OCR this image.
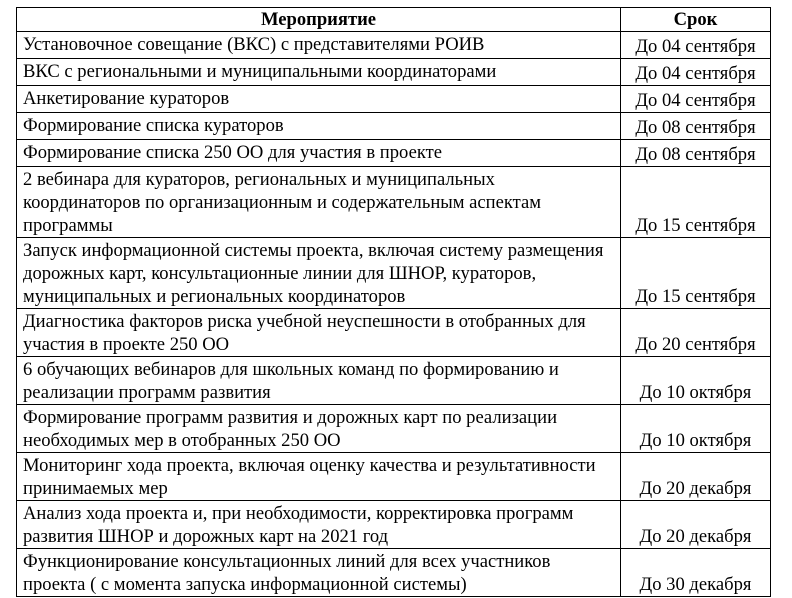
Мероприятие	Срок
Установочное совещание (ВКС) с представителями РОИВ	До 04 сентября
ВКС с региональными и муниципальными координаторами	До 04 сентября
Анкетирование кураторов	До 04 сентября
Формирование списка кураторов	До 08 сентября
Формирование списка 250 ОО для участия в проекте	До 08 сентября
2 вебинара для кураторов, региональных и муниципальных координаторов по организационным и содержательным аспектам программы	До 15 сентября
Запуск информационной системы проекта, включая систему размещения дорожных карт, консультационные линии для ШНОР, кураторов, муниципальных и региональных координаторов	До 15 сентября
Диагностика факторов риска учебной неуспешности в отобранных для участия в проекте 250 ОО	До 20 сентября
6 обучающих вебинаров для школьных команд по формированию и реализации программ развития	До 10 октября
Формирование программ развития и дорожных карт по реализации необходимых мер в отобранных 250 ОО	До 10 октября
Мониторинг хода проекта, включая оценку качества и результативности принимаемых мер	До 20 декабря
Анализ хода проекта и, при необходимости, корректировка программ развития ШНОР и дорожных карт на 2021 год	До 20 декабря
Функционирование консультационных линий для всех участников проекта ( с момента запуска информационной системы)	До 30 декабря
